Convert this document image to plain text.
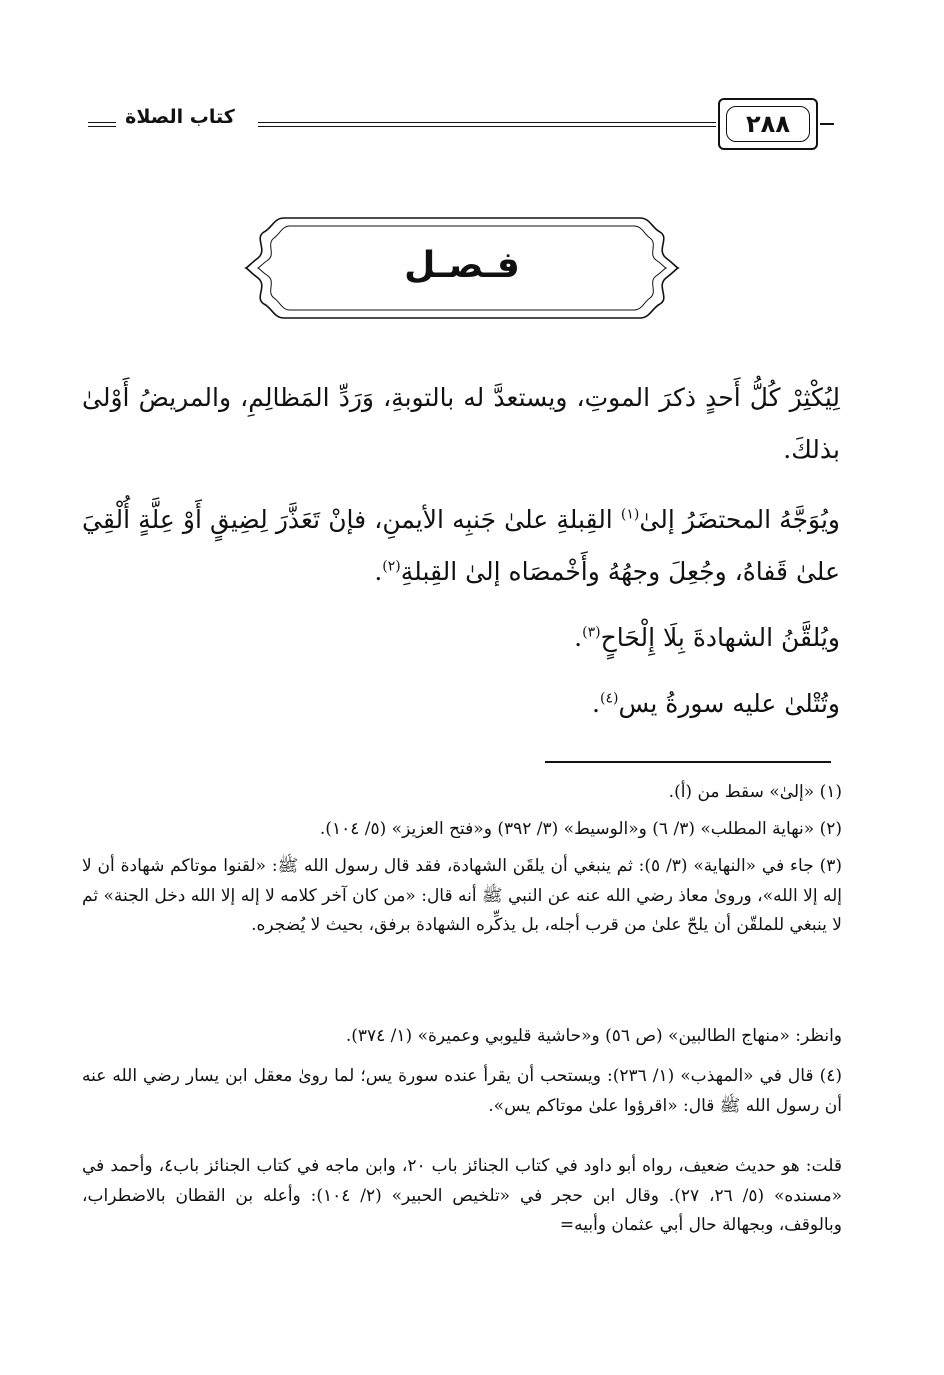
٢٨٨
كتاب الصلاة
فـصـل
لِيُكْثِرْ كُلُّ أَحدٍ ذكرَ الموتِ، ويستعدَّ له بالتوبةِ، وَرَدِّ المَظالِمِ، والمريضُ أَوْلىٰ بذلكَ.
ويُوَجَّهُ المحتضَرُ إلىٰ$^{(١)}$ القِبلةِ علىٰ جَنبِه الأيمنِ، فإنْ تَعَذَّرَ لِضِيقٍ أَوْ عِلَّةٍ أُلْقِيَ علىٰ قَفاهُ، وجُعِلَ وجهُهُ وأَخْمصَاه إلىٰ القِبلةِ$^{(٢)}$.
ويُلقَّنُ الشهادةَ بِلَا إِلْحَاحٍ$^{(٣)}$.
وتُتْلىٰ عليه سورةُ يس$^{(٤)}$.
(١) «إلىٰ» سقط من (أ).
(٢) «نهاية المطلب» (٣/ ٦) و«الوسيط» (٣/ ٣٩٢) و«فتح العزيز» (٥/ ١٠٤).
(٣) جاء في «النهاية» (٣/ ٥): ثم ينبغي أن يلقَن الشهادة، فقد قال رسول الله ﷺ: «لقنوا موتاكم شهادة أن لا إله إلا الله»، وروىٰ معاذ رضي الله عنه عن النبي ﷺ أنه قال: «من كان آخر كلامه لا إله إلا الله دخل الجنة» ثم لا ينبغي للملقّن أن يلحّ علىٰ من قرب أجله، بل يذكِّره الشهادة برفق، بحيث لا يُضجره.
وانظر: «منهاج الطالبين» (ص ٥٦) و«حاشية قليوبي وعميرة» (١/ ٣٧٤).
(٤) قال في «المهذب» (١/ ٢٣٦): ويستحب أن يقرأ عنده سورة يس؛ لما روىٰ معقل ابن يسار رضي الله عنه أن رسول الله ﷺ قال: «اقرؤوا علىٰ موتاكم يس».
قلت: هو حديث ضعيف، رواه أبو داود في كتاب الجنائز باب ٢٠، وابن ماجه في كتاب الجنائز باب٤، وأحمد في «مسنده» (٥/ ٢٦، ٢٧). وقال ابن حجر في «تلخيص الحبير» (٢/ ١٠٤): وأعله بن القطان بالاضطراب، وبالوقف، وبجهالة حال أبي عثمان وأبيه=
